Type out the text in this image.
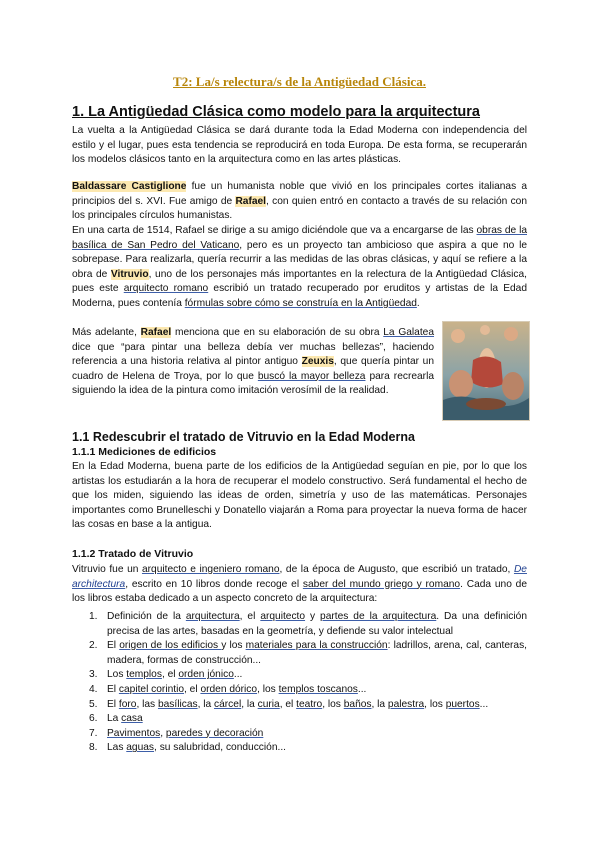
T2: La/s relectura/s de la Antigüedad Clásica.

1. La Antigüedad Clásica como modelo para la arquitectura

La vuelta a la Antigüedad Clásica se dará durante toda la Edad Moderna con independencia del estilo y el lugar, pues esta tendencia se reproducirá en toda Europa. De esta forma, se recuperarán los modelos clásicos tanto en la arquitectura como en las artes plásticas.

Baldassare Castiglione fue un humanista noble que vivió en los principales cortes italianas a principios del s. XVI. Fue amigo de Rafael, con quien entró en contacto a través de su relación con los principales círculos humanistas.

En una carta de 1514, Rafael se dirige a su amigo diciéndole que va a encargarse de las obras de la basílica de San Pedro del Vaticano, pero es un proyecto tan ambicioso que aspira a que no le sobrepase. Para realizarla, quería recurrir a las medidas de las obras clásicas, y aquí se refiere a la obra de Vitruvio, uno de los personajes más importantes en la relectura de la Antigüedad Clásica, pues este arquitecto romano escribió un tratado recuperado por eruditos y artistas de la Edad Moderna, pues contenía fórmulas sobre cómo se construía en la Antigüedad.

Más adelante, Rafael menciona que en su elaboración de su obra La Galatea dice que “para pintar una belleza debía ver muchas bellezas”, haciendo referencia a una historia relativa al pintor antiguo Zeuxis, que quería pintar un cuadro de Helena de Troya, por lo que buscó la mayor belleza para recrearla siguiendo la idea de la pintura como imitación verosímil de la realidad.

1.1 Redescubrir el tratado de Vitruvio en la Edad Moderna

1.1.1 Mediciones de edificios

En la Edad Moderna, buena parte de los edificios de la Antigüedad seguían en pie, por lo que los artistas los estudiarán a la hora de recuperar el modelo constructivo. Será fundamental el hecho de que los miden, siguiendo las ideas de orden, simetría y uso de las matemáticas. Personajes importantes como Brunelleschi y Donatello viajarán a Roma para proyectar la nueva forma de hacer las cosas en base a la antigua.

1.1.2 Tratado de Vitruvio

Vitruvio fue un arquitecto e ingeniero romano, de la época de Augusto, que escribió un tratado, De architectura, escrito en 10 libros donde recoge el saber del mundo griego y romano. Cada uno de los libros estaba dedicado a un aspecto concreto de la arquitectura:

1. Definición de la arquitectura, el arquitecto y partes de la arquitectura. Da una definición precisa de las artes, basadas en la geometría, y defiende su valor intelectual
2. El origen de los edificios y los materiales para la construcción: ladrillos, arena, cal, canteras, madera, formas de construcción...
3. Los templos, el orden jónico...
4. El capitel corintio, el orden dórico, los templos toscanos...
5. El foro, las basílicas, la cárcel, la curia, el teatro, los baños, la palestra, los puertos...
6. La casa
7. Pavimentos, paredes y decoración
8. Las aguas, su salubridad, conducción...
